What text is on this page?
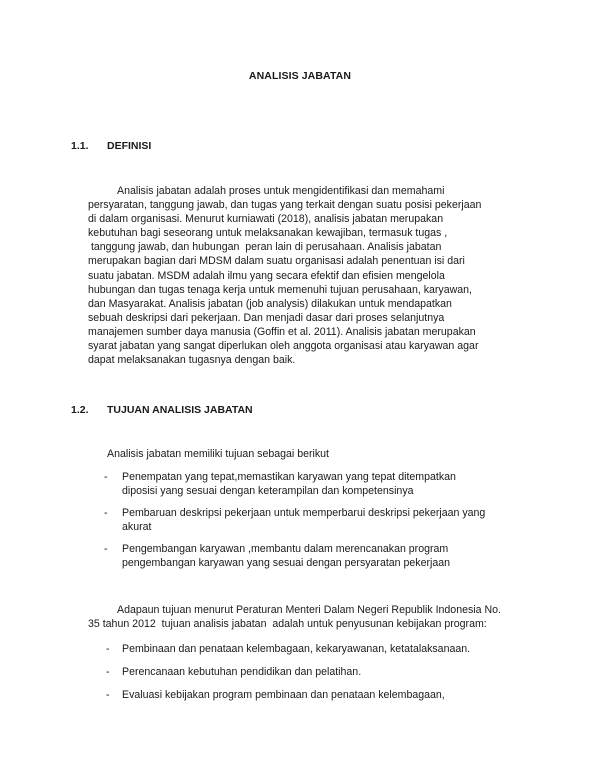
ANALISIS JABATAN
1.1. DEFINISI
Analisis jabatan adalah proses untuk mengidentifikasi dan memahami
persyaratan, tanggung jawab, dan tugas yang terkait dengan suatu posisi pekerjaan
di dalam organisasi. Menurut kurniawati (2018), analisis jabatan merupakan
kebutuhan bagi seseorang untuk melaksanakan kewajiban, termasuk tugas ,
tanggung jawab, dan hubungan  peran lain di perusahaan. Analisis jabatan
merupakan bagian dari MDSM dalam suatu organisasi adalah penentuan isi dari
suatu jabatan. MSDM adalah ilmu yang secara efektif dan efisien mengelola
hubungan dan tugas tenaga kerja untuk memenuhi tujuan perusahaan, karyawan,
dan Masyarakat. Analisis jabatan (job analysis) dilakukan untuk mendapatkan
sebuah deskripsi dari pekerjaan. Dan menjadi dasar dari proses selanjutnya
manajemen sumber daya manusia (Goffin et al. 2011). Analisis jabatan merupakan
syarat jabatan yang sangat diperlukan oleh anggota organisasi atau karyawan agar
dapat melaksanakan tugasnya dengan baik.
1.2. TUJUAN ANALISIS JABATAN
Analisis jabatan memiliki tujuan sebagai berikut
- Penempatan yang tepat,memastikan karyawan yang tepat ditempatkan
diposisi yang sesuai dengan keterampilan dan kompetensinya
- Pembaruan deskripsi pekerjaan untuk memperbarui deskripsi pekerjaan yang
akurat
- Pengembangan karyawan ,membantu dalam merencanakan program
pengembangan karyawan yang sesuai dengan persyaratan pekerjaan
Adapaun tujuan menurut Peraturan Menteri Dalam Negeri Republik Indonesia No.
35 tahun 2012  tujuan analisis jabatan  adalah untuk penyusunan kebijakan program:
- Pembinaan dan penataan kelembagaan, kekaryawanan, ketatalaksanaan.
- Perencanaan kebutuhan pendidikan dan pelatihan.
- Evaluasi kebijakan program pembinaan dan penataan kelembagaan,
